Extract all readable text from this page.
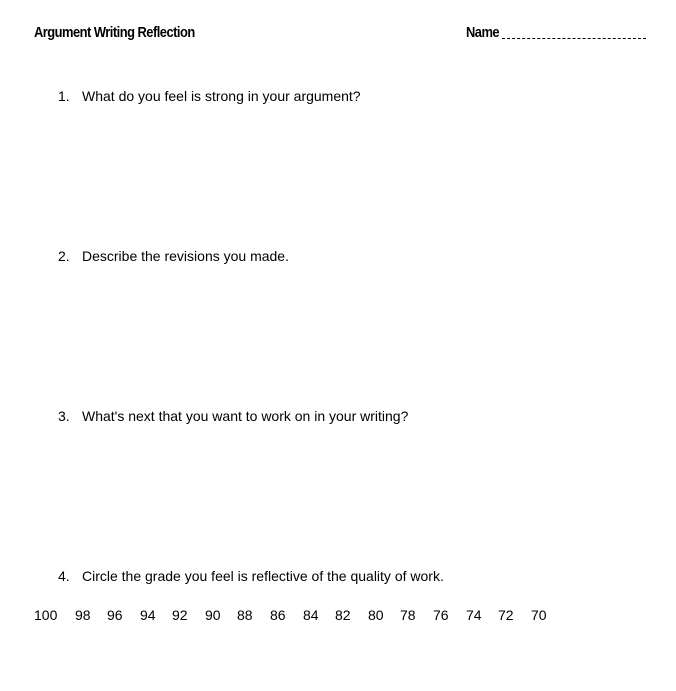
Argument Writing Reflection	Name
1. What do you feel is strong in your argument?
2. Describe the revisions you made.
3. What's next that you want to work on in your writing?
4. Circle the grade you feel is reflective of the quality of work.
100 98 96 94 92 90 88 86 84 82 80 78 76 74 72 70
